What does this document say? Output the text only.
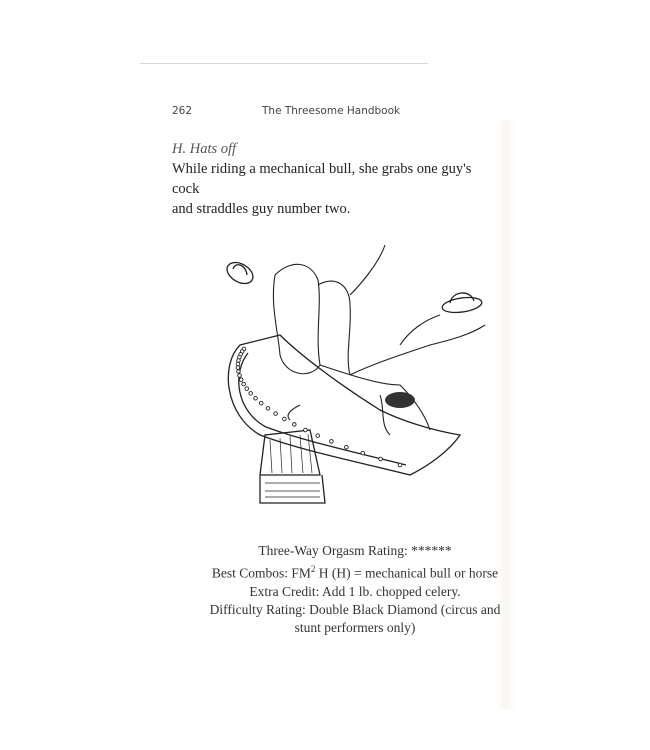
262	The Threesome Handbook
H. Hats off
While riding a mechanical bull, she grabs one guy's cock
and straddles guy number two.
Three-Way Orgasm Rating: ******
Best Combos: $FM^2$ H (H) = mechanical bull or horse
Extra Credit: Add 1 lb. chopped celery.
Difficulty Rating: Double Black Diamond (circus and
stunt performers only)
